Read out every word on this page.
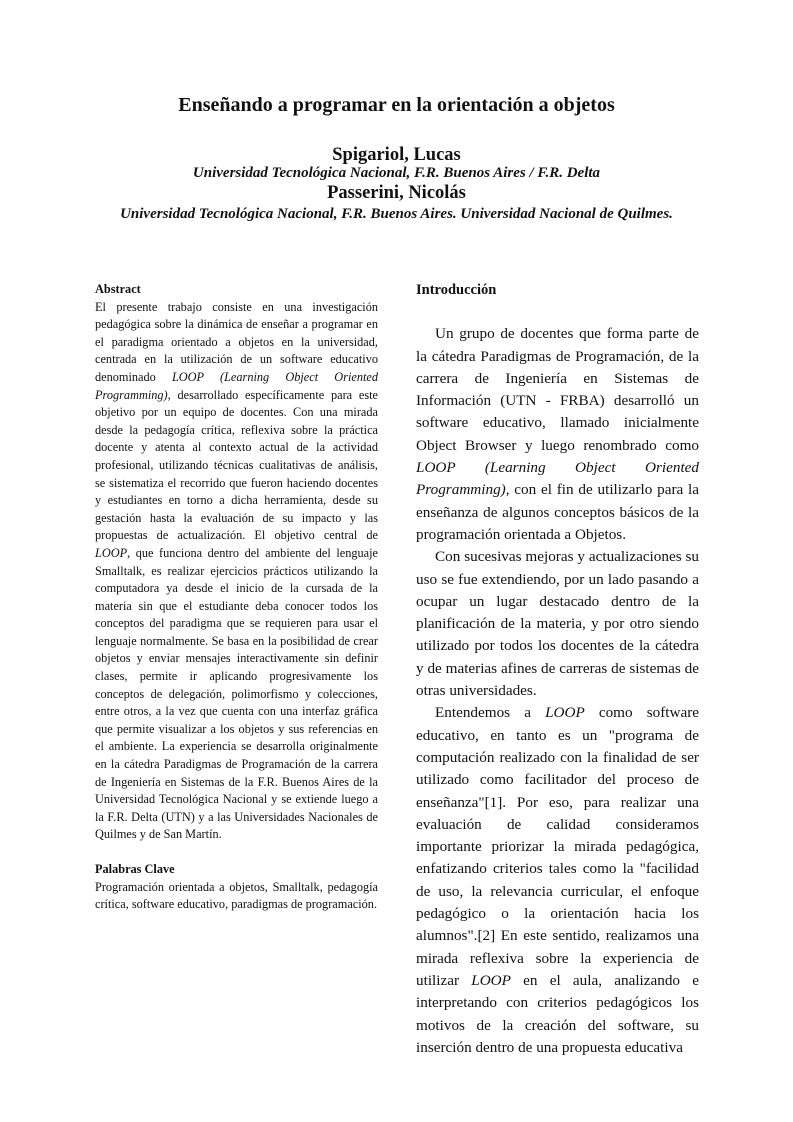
Enseñando a programar en la orientación a objetos

Spigariol, Lucas

Universidad Tecnológica Nacional, F.R. Buenos Aires / F.R. Delta

Passerini, Nicolás

Universidad Tecnológica Nacional, F.R. Buenos Aires. Universidad Nacional de Quilmes.

Abstract

El presente trabajo consiste en una investigación pedagógica sobre la dinámica de enseñar a programar en el paradigma orientado a objetos en la universidad, centrada en la utilización de un software educativo denominado LOOP (Learning Object Oriented Programming), desarrollado específicamente para este objetivo por un equipo de docentes. Con una mirada desde la pedagogía crítica, reflexiva sobre la práctica docente y atenta al contexto actual de la actividad profesional, utilizando técnicas cualitativas de análisis, se sistematiza el recorrido que fueron haciendo docentes y estudiantes en torno a dicha herramienta, desde su gestación hasta la evaluación de su impacto y las propuestas de actualización. El objetivo central de LOOP, que funciona dentro del ambiente del lenguaje Smalltalk, es realizar ejercicios prácticos utilizando la computadora ya desde el inicio de la cursada de la materia sin que el estudiante deba conocer todos los conceptos del paradigma que se requieren para usar el lenguaje normalmente. Se basa en la posibilidad de crear objetos y enviar mensajes interactivamente sin definir clases, permite ir aplicando progresivamente los conceptos de delegación, polimorfismo y colecciones, entre otros, a la vez que cuenta con una interfaz gráfica que permite visualizar a los objetos y sus referencias en el ambiente. La experiencia se desarrolla originalmente en la cátedra Paradigmas de Programación de la carrera de Ingeniería en Sistemas de la F.R. Buenos Aires de la Universidad Tecnológica Nacional y se extiende luego a la F.R. Delta (UTN) y a las Universidades Nacionales de Quilmes y de San Martín.

Palabras Clave

Programación orientada a objetos, Smalltalk, pedagogía crítica, software educativo, paradigmas de programación.

Introducción

Un grupo de docentes que forma parte de la cátedra Paradigmas de Programación, de la carrera de Ingeniería en Sistemas de Información (UTN - FRBA) desarrolló un software educativo, llamado inicialmente Object Browser y luego renombrado como LOOP (Learning Object Oriented Programming), con el fin de utilizarlo para la enseñanza de algunos conceptos básicos de la programación orientada a Objetos.

Con sucesivas mejoras y actualizaciones su uso se fue extendiendo, por un lado pasando a ocupar un lugar destacado dentro de la planificación de la materia, y por otro siendo utilizado por todos los docentes de la cátedra y de materias afines de carreras de sistemas de otras universidades.

Entendemos a LOOP como software educativo, en tanto es un "programa de computación realizado con la finalidad de ser utilizado como facilitador del proceso de enseñanza"[1]. Por eso, para realizar una evaluación de calidad consideramos importante priorizar la mirada pedagógica, enfatizando criterios tales como la "facilidad de uso, la relevancia curricular, el enfoque pedagógico o la orientación hacia los alumnos".[2] En este sentido, realizamos una mirada reflexiva sobre la experiencia de utilizar LOOP en el aula, analizando e interpretando con criterios pedagógicos los motivos de la creación del software, su inserción dentro de una propuesta educativa
